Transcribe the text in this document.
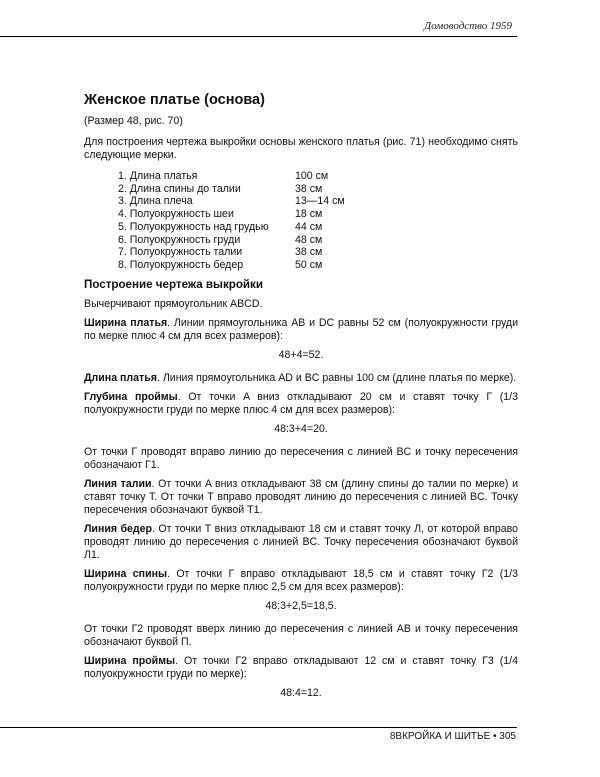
Домоводство 1959
Женское платье (основа)

(Размер 48, рис. 70)

Для построения чертежа выкройки основы женского платья (рис. 71) необходимо снять следующие мерки.

1. Длина платья	100 см
2. Длина спины до талии	38 см
3. Длина плеча	13—14 см
4. Полуокружность шеи	18 см
5. Полуокружность над грудью	44 см
6. Полуокружность груди	48 см
7. Полуокружность талии	38 см
8. Полуокружность бедер	50 см
Построение чертежа выкройки

Вычерчивают прямоугольник ABCD.

Ширина платья. Линии прямоугольника AB и DC равны 52 см (полуокружности груди по мерке плюс 4 см для всех размеров):

48+4=52.

Длина платья. Линия прямоугольника AD и BC равны 100 см (длине платья по мерке).

Глубина проймы. От точки A вниз откладывают 20 см и ставят точку Г (1/3 полуокружности груди по мерке плюс 4 см для всех размеров):

48:3+4=20.

От точки Г проводят вправо линию до пересечения с линией BC и точку пересечения обозначают Г1.

Линия талии. От точки A вниз откладывают 38 см (длину спины до талии по мерке) и ставят точку Т. От точки Т вправо проводят линию до пересечения с линией BC. Точку пересечения обозначают буквой Т1.

Линия бедер. От точки Т вниз откладывают 18 см и ставят точку Л, от которой вправо проводят линию до пересечения с линией BC. Точку пересечения обозначают буквой Л1.

Ширина спины. От точки Г вправо откладывают 18,5 см и ставят точку Г2 (1/3 полуокружности груди по мерке плюс 2,5 см для всех размеров):

48:3+2,5=18,5.

От точки Г2 проводят вверх линию до пересечения с линией AB и точку пересечения обозначают буквой П.

Ширина проймы. От точки Г2 вправо откладывают 12 см и ставят точку Г3 (1/4 полуокружности груди по мерке):

48:4=12.

8ВКРОЙКА И ШИТЬЕ • 305
